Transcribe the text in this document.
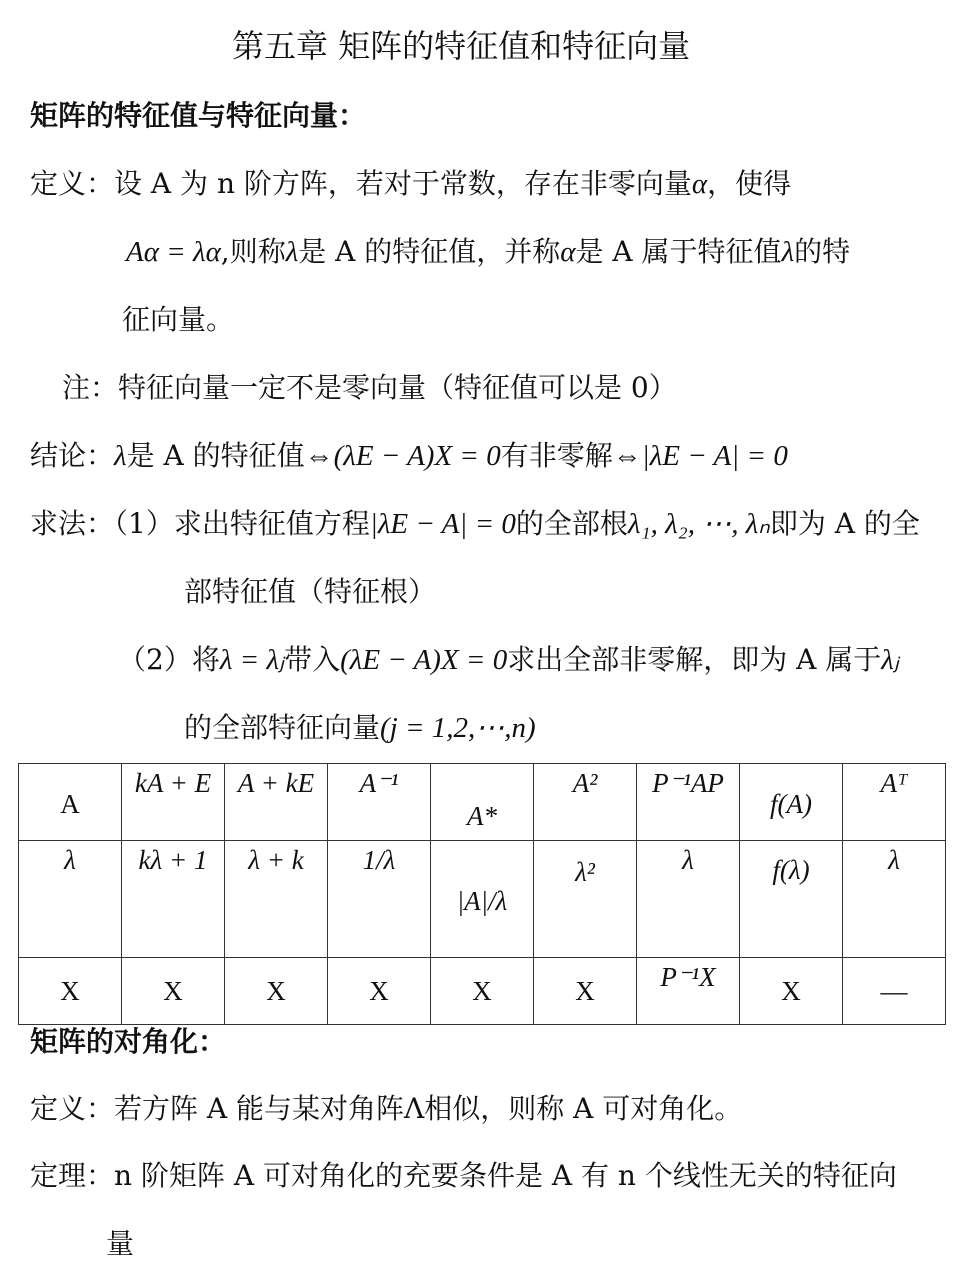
第五章 矩阵的特征值和特征向量
矩阵的特征值与特征向量：
定义：设 A 为 n 阶方阵，若对于常数，存在非零向量α，使得
Aα = λα,则称λ是 A 的特征值，并称α是 A 属于特征值λ的特
征向量。
注：特征向量一定不是零向量（特征值可以是 0）
结论：λ是 A 的特征值⇔(λE − A)X = 0有非零解⇔|λE − A| = 0
求法：（1）求出特征值方程|λE − A| = 0的全部根λ₁, λ₂, ⋯, λₙ即为 A 的全
部特征值（特征根）
（2）将λ = λⱼ带入(λE − A)X = 0求出全部非零解，即为 A 属于λⱼ
的全部特征向量(j = 1,2,⋯,n)
A	kA + E	A + kE	A⁻¹	A*	A²	P⁻¹AP	f(A)	Aᵀ
λ	kλ + 1	λ + k	1/λ	|A|/λ	λ²	λ	f(λ)	λ
X	X	X	X	X	X	P⁻¹X	X	—
矩阵的对角化：
定义：若方阵 A 能与某对角阵Λ相似，则称 A 可对角化。
定理：n 阶矩阵 A 可对角化的充要条件是 A 有 n 个线性无关的特征向
量
